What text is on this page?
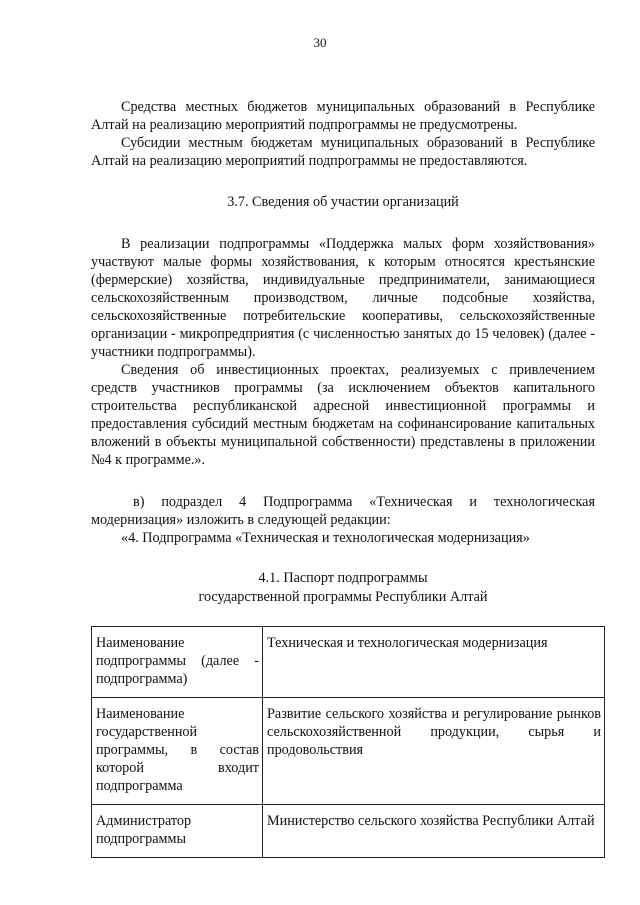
30

Средства местных бюджетов муниципальных образований в Республике Алтай на реализацию мероприятий подпрограммы не предусмотрены.

Субсидии местным бюджетам муниципальных образований в Республике Алтай на реализацию мероприятий подпрограммы не предоставляются.

3.7. Сведения об участии организаций

В реализации подпрограммы «Поддержка малых форм хозяйствования» участвуют малые формы хозяйствования, к которым относятся крестьянские (фермерские) хозяйства, индивидуальные предприниматели, занимающиеся сельскохозяйственным производством, личные подсобные хозяйства, сельскохозяйственные потребительские кооперативы, сельскохозяйственные организации - микропредприятия (с численностью занятых до 15 человек) (далее - участники подпрограммы).

Сведения об инвестиционных проектах, реализуемых с привлечением средств участников программы (за исключением объектов капитального строительства республиканской адресной инвестиционной программы и предоставления субсидий местным бюджетам на софинансирование капитальных вложений в объекты муниципальной собственности) представлены в приложении №4 к программе.».

в) подраздел 4 Подпрограмма «Техническая и технологическая модернизация» изложить в следующей редакции:

«4. Подпрограмма «Техническая и технологическая модернизация»

4.1. Паспорт подпрограммы
государственной программы Республики Алтай
Наименование подпрограммы (далее - подпрограмма)	Техническая и технологическая модернизация
Наименование государственной программы, в состав которой входит подпрограмма	Развитие сельского хозяйства и регулирование рынков сельскохозяйственной продукции, сырья и продовольствия
Администратор подпрограммы	Министерство сельского хозяйства Республики Алтай
